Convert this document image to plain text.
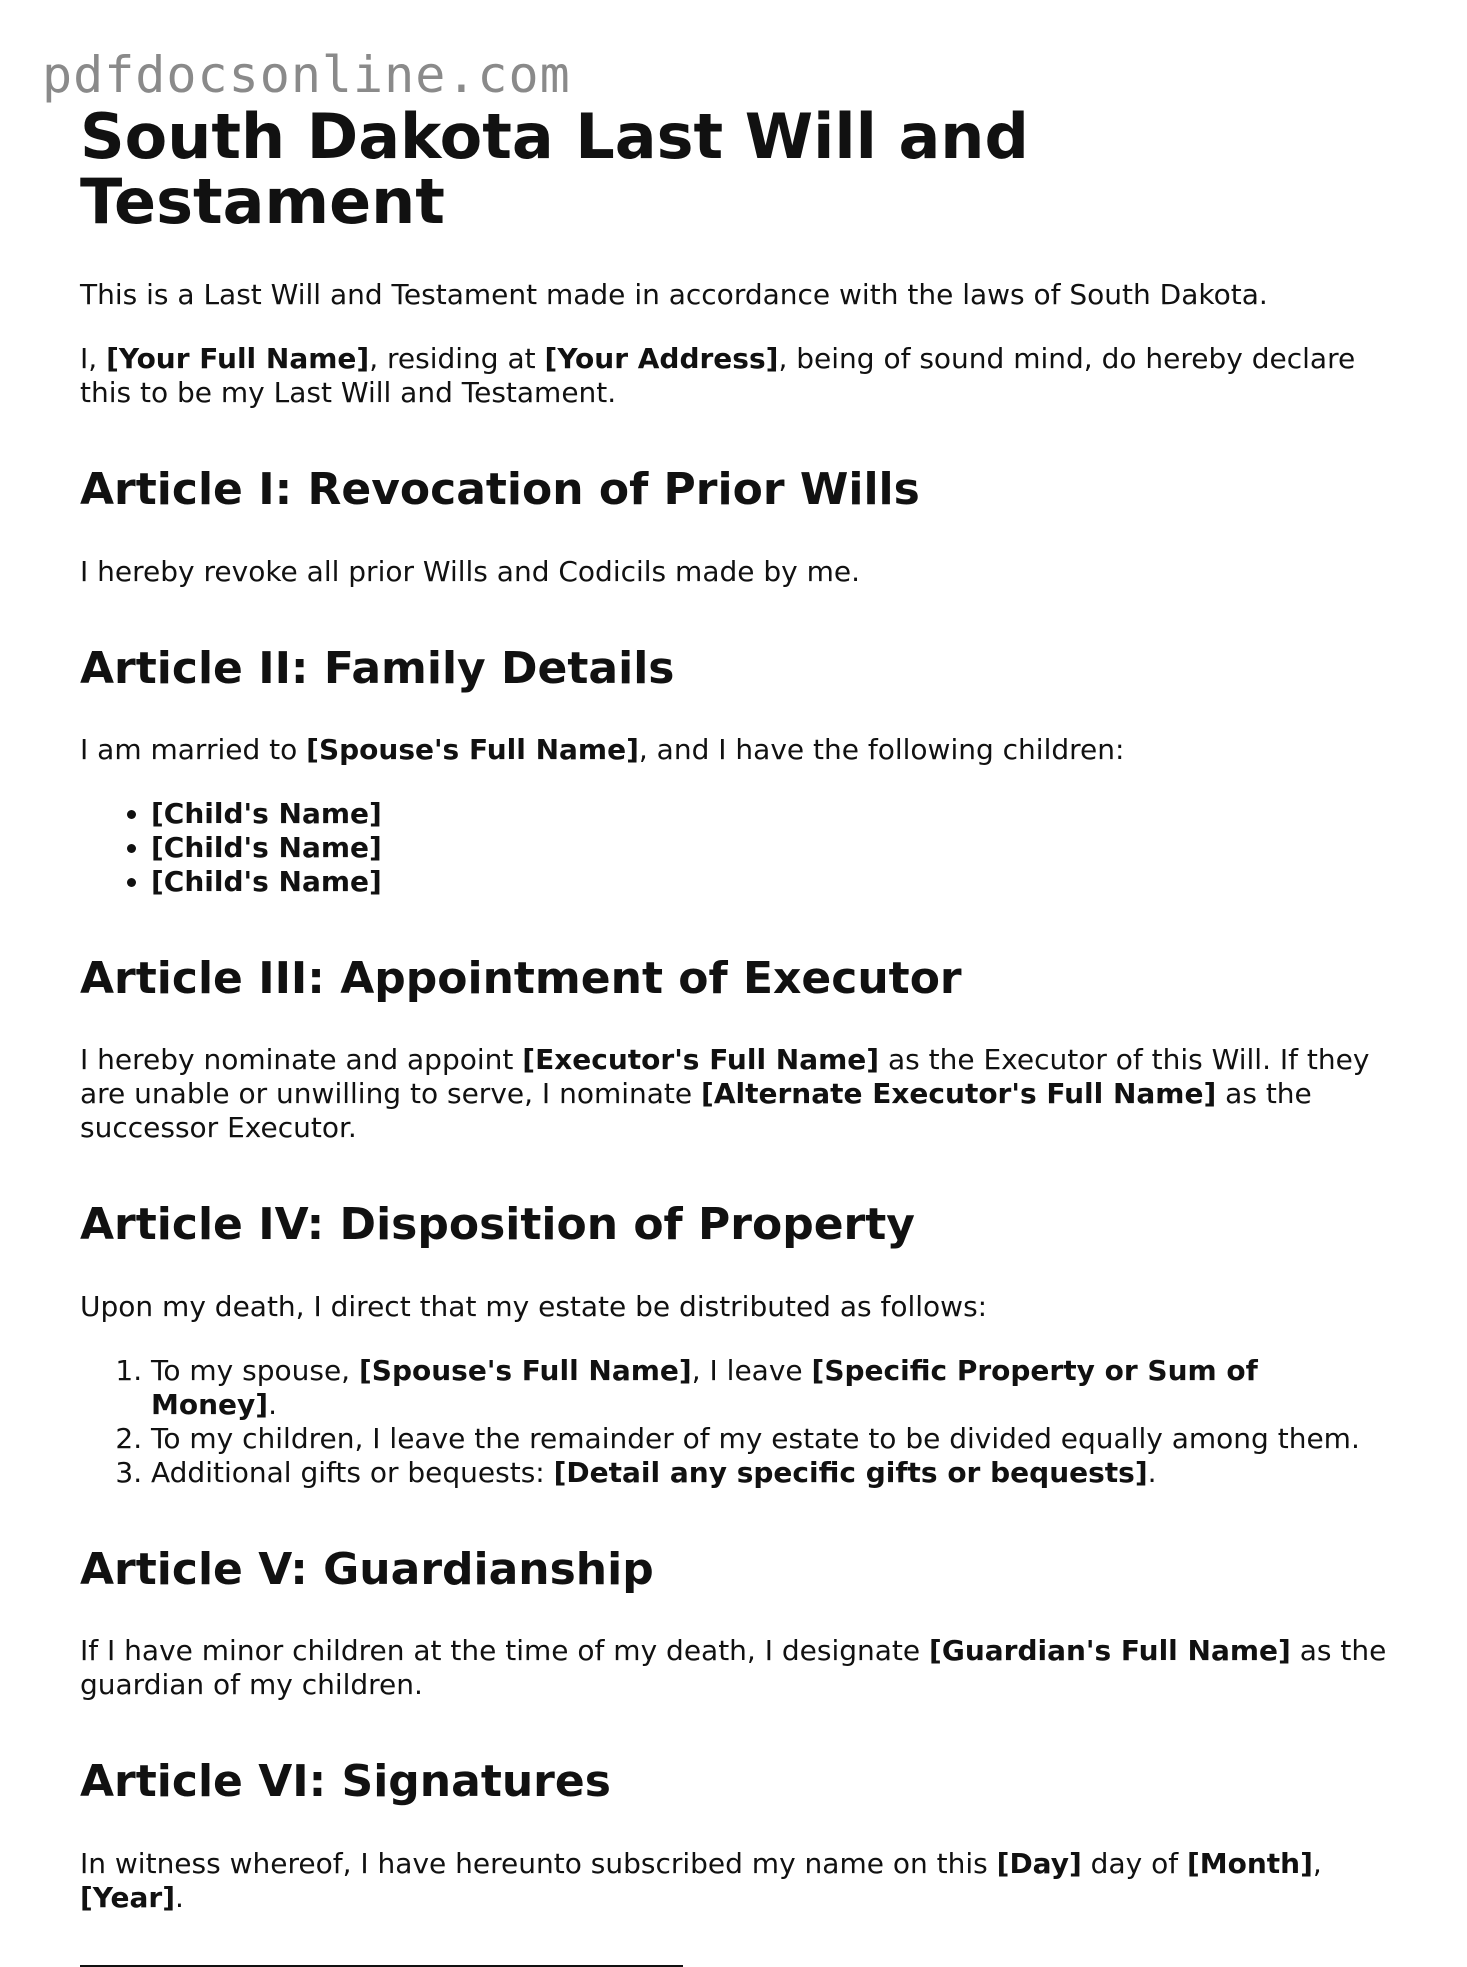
pdfdocsonline.com
South Dakota Last Will and Testament

This is a Last Will and Testament made in accordance with the laws of South Dakota.

I, [Your Full Name], residing at [Your Address], being of sound mind, do hereby declare this to be my Last Will and Testament.

Article I: Revocation of Prior Wills

I hereby revoke all prior Wills and Codicils made by me.

Article II: Family Details

I am married to [Spouse's Full Name], and I have the following children:

• [Child's Name]
• [Child's Name]
• [Child's Name]
Article III: Appointment of Executor

I hereby nominate and appoint [Executor's Full Name] as the Executor of this Will. If they are unable or unwilling to serve, I nominate [Alternate Executor's Full Name] as the successor Executor.

Article IV: Disposition of Property

Upon my death, I direct that my estate be distributed as follows:

1. To my spouse, [Spouse's Full Name], I leave [Specific Property or Sum of Money].
2. To my children, I leave the remainder of my estate to be divided equally among them.
3. Additional gifts or bequests: [Detail any specific gifts or bequests].
Article V: Guardianship

If I have minor children at the time of my death, I designate [Guardian's Full Name] as the guardian of my children.

Article VI: Signatures

In witness whereof, I have hereunto subscribed my name on this [Day] day of [Month], [Year].
